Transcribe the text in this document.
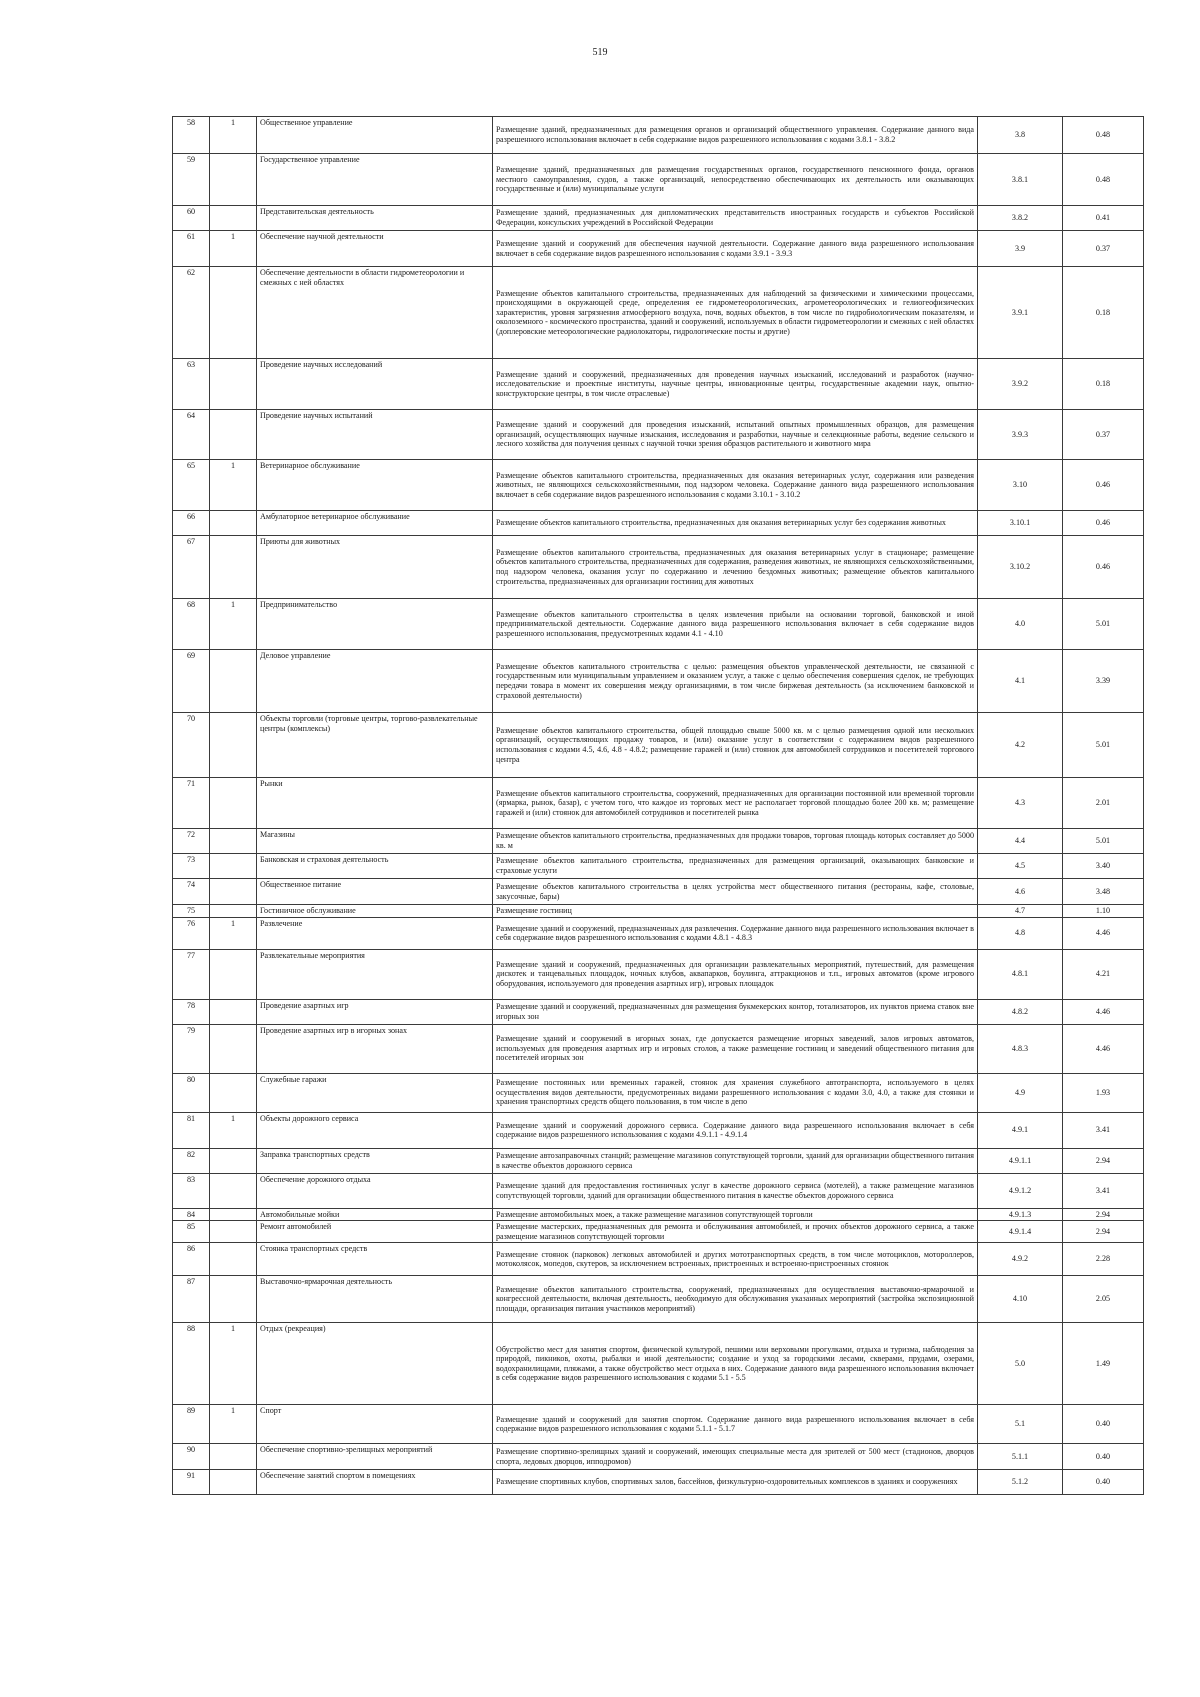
519
58	1	Общественное управление	Размещение зданий, предназначенных для размещения органов и организаций общественного управления. Содержание данного вида разрешенного использования включает в себя содержание видов разрешенного использования с кодами 3.8.1 - 3.8.2	3.8	0.48
59		Государственное управление	Размещение зданий, предназначенных для размещения государственных органов, государственного пенсионного фонда, органов местного самоуправления, судов, а также организаций, непосредственно обеспечивающих их деятельность или оказывающих государственные и (или) муниципальные услуги	3.8.1	0.48
60		Представительская деятельность	Размещение зданий, предназначенных для дипломатических представительств иностранных государств и субъектов Российской Федерации, консульских учреждений в Российской Федерации	3.8.2	0.41
61	1	Обеспечение научной деятельности	Размещение зданий и сооружений для обеспечения научной деятельности. Содержание данного вида разрешенного использования включает в себя содержание видов разрешенного использования с кодами 3.9.1 - 3.9.3	3.9	0.37
62		Обеспечение деятельности в области гидрометеорологии и смежных с ней областях	Размещение объектов капитального строительства, предназначенных для наблюдений за физическими и химическими процессами, происходящими в окружающей среде, определения ее гидрометеорологических, агрометеорологических и гелиогеофизических характеристик, уровня загрязнения атмосферного воздуха, почв, водных объектов, в том числе по гидробиологическим показателям, и околоземного - космического пространства, зданий и сооружений, используемых в области гидрометеорологии и смежных с ней областях (доплеровские метеорологические радиолокаторы, гидрологические посты и другие)	3.9.1	0.18
63		Проведение научных исследований	Размещение зданий и сооружений, предназначенных для проведения научных изысканий, исследований и разработок (научно-исследовательские и проектные институты, научные центры, инновационные центры, государственные академии наук, опытно-конструкторские центры, в том числе отраслевые)	3.9.2	0.18
64		Проведение научных испытаний	Размещение зданий и сооружений для проведения изысканий, испытаний опытных промышленных образцов, для размещения организаций, осуществляющих научные изыскания, исследования и разработки, научные и селекционные работы, ведение сельского и лесного хозяйства для получения ценных с научной точки зрения образцов растительного и животного мира	3.9.3	0.37
65	1	Ветеринарное обслуживание	Размещение объектов капитального строительства, предназначенных для оказания ветеринарных услуг, содержания или разведения животных, не являющихся сельскохозяйственными, под надзором человека. Содержание данного вида разрешенного использования включает в себя содержание видов разрешенного использования с кодами 3.10.1 - 3.10.2	3.10	0.46
66		Амбулаторное ветеринарное обслуживание	Размещение объектов капитального строительства, предназначенных для оказания ветеринарных услуг без содержания животных	3.10.1	0.46
67		Приюты для животных	Размещение объектов капитального строительства, предназначенных для оказания ветеринарных услуг в стационаре; размещение объектов капитального строительства, предназначенных для содержания, разведения животных, не являющихся сельскохозяйственными, под надзором человека, оказания услуг по содержанию и лечению бездомных животных; размещение объектов капитального строительства, предназначенных для организации гостиниц для животных	3.10.2	0.46
68	1	Предпринимательство	Размещение объектов капитального строительства в целях извлечения прибыли на основании торговой, банковской и иной предпринимательской деятельности. Содержание данного вида разрешенного использования включает в себя содержание видов разрешенного использования, предусмотренных кодами 4.1 - 4.10	4.0	5.01
69		Деловое управление	Размещение объектов капитального строительства с целью: размещения объектов управленческой деятельности, не связанной с государственным или муниципальным управлением и оказанием услуг, а также с целью обеспечения совершения сделок, не требующих передачи товара в момент их совершения между организациями, в том числе биржевая деятельность (за исключением банковской и страховой деятельности)	4.1	3.39
70		Объекты торговли (торговые центры, торгово-развлекательные центры (комплексы)	Размещение объектов капитального строительства, общей площадью свыше 5000 кв. м с целью размещения одной или нескольких организаций, осуществляющих продажу товаров, и (или) оказание услуг в соответствии с содержанием видов разрешенного использования с кодами 4.5, 4.6, 4.8 - 4.8.2; размещение гаражей и (или) стоянок для автомобилей сотрудников и посетителей торгового центра	4.2	5.01
71		Рынки	Размещение объектов капитального строительства, сооружений, предназначенных для организации постоянной или временной торговли (ярмарка, рынок, базар), с учетом того, что каждое из торговых мест не располагает торговой площадью более 200 кв. м; размещение гаражей и (или) стоянок для автомобилей сотрудников и посетителей рынка	4.3	2.01
72		Магазины	Размещение объектов капитального строительства, предназначенных для продажи товаров, торговая площадь которых составляет до 5000 кв. м	4.4	5.01
73		Банковская и страховая деятельность	Размещение объектов капитального строительства, предназначенных для размещения организаций, оказывающих банковские и страховые услуги	4.5	3.40
74		Общественное питание	Размещение объектов капитального строительства в целях устройства мест общественного питания (рестораны, кафе, столовые, закусочные, бары)	4.6	3.48
75		Гостиничное обслуживание	Размещение гостиниц	4.7	1.10
76	1	Развлечение	Размещение зданий и сооружений, предназначенных для развлечения. Содержание данного вида разрешенного использования включает в себя содержание видов разрешенного использования с кодами 4.8.1 - 4.8.3	4.8	4.46
77		Развлекательные мероприятия	Размещение зданий и сооружений, предназначенных для организации развлекательных мероприятий, путешествий, для размещения дискотек и танцевальных площадок, ночных клубов, аквапарков, боулинга, аттракционов и т.п., игровых автоматов (кроме игрового оборудования, используемого для проведения азартных игр), игровых площадок	4.8.1	4.21
78		Проведение азартных игр	Размещение зданий и сооружений, предназначенных для размещения букмекерских контор, тотализаторов, их пунктов приема ставок вне игорных зон	4.8.2	4.46
79		Проведение азартных игр в игорных зонах	Размещение зданий и сооружений в игорных зонах, где допускается размещение игорных заведений, залов игровых автоматов, используемых для проведения азартных игр и игровых столов, а также размещение гостиниц и заведений общественного питания для посетителей игорных зон	4.8.3	4.46
80		Служебные гаражи	Размещение постоянных или временных гаражей, стоянок для хранения служебного автотранспорта, используемого в целях осуществления видов деятельности, предусмотренных видами разрешенного использования с кодами 3.0, 4.0, а также для стоянки и хранения транспортных средств общего пользования, в том числе в депо	4.9	1.93
81	1	Объекты дорожного сервиса	Размещение зданий и сооружений дорожного сервиса. Содержание данного вида разрешенного использования включает в себя содержание видов разрешенного использования с кодами 4.9.1.1 - 4.9.1.4	4.9.1	3.41
82		Заправка транспортных средств	Размещение автозаправочных станций; размещение магазинов сопутствующей торговли, зданий для организации общественного питания в качестве объектов дорожного сервиса	4.9.1.1	2.94
83		Обеспечение дорожного отдыха	Размещение зданий для предоставления гостиничных услуг в качестве дорожного сервиса (мотелей), а также размещение магазинов сопутствующей торговли, зданий для организации общественного питания в качестве объектов дорожного сервиса	4.9.1.2	3.41
84		Автомобильные мойки	Размещение автомобильных моек, а также размещение магазинов сопутствующей торговли	4.9.1.3	2.94
85		Ремонт автомобилей	Размещение мастерских, предназначенных для ремонта и обслуживания автомобилей, и прочих объектов дорожного сервиса, а также размещение магазинов сопутствующей торговли	4.9.1.4	2.94
86		Стоянка транспортных средств	Размещение стоянок (парковок) легковых автомобилей и других мототранспортных средств, в том числе мотоциклов, мотороллеров, мотоколясок, мопедов, скутеров, за исключением встроенных, пристроенных и встроенно-пристроенных стоянок	4.9.2	2.28
87		Выставочно-ярмарочная деятельность	Размещение объектов капитального строительства, сооружений, предназначенных для осуществления выставочно-ярмарочной и конгрессной деятельности, включая деятельность, необходимую для обслуживания указанных мероприятий (застройка экспозиционной площади, организация питания участников мероприятий)	4.10	2.05
88	1	Отдых (рекреация)	Обустройство мест для занятия спортом, физической культурой, пешими или верховыми прогулками, отдыха и туризма, наблюдения за природой, пикников, охоты, рыбалки и иной деятельности; создание и уход за городскими лесами, скверами, прудами, озерами, водохранилищами, пляжами, а также обустройство мест отдыха в них. Содержание данного вида разрешенного использования включает в себя содержание видов разрешенного использования с кодами 5.1 - 5.5	5.0	1.49
89	1	Спорт	Размещение зданий и сооружений для занятия спортом. Содержание данного вида разрешенного использования включает в себя содержание видов разрешенного использования с кодами 5.1.1 - 5.1.7	5.1	0.40
90		Обеспечение спортивно-зрелищных мероприятий	Размещение спортивно-зрелищных зданий и сооружений, имеющих специальные места для зрителей от 500 мест (стадионов, дворцов спорта, ледовых дворцов, ипподромов)	5.1.1	0.40
91		Обеспечение занятий спортом в помещениях	Размещение спортивных клубов, спортивных залов, бассейнов, физкультурно-оздоровительных комплексов в зданиях и сооружениях	5.1.2	0.40
